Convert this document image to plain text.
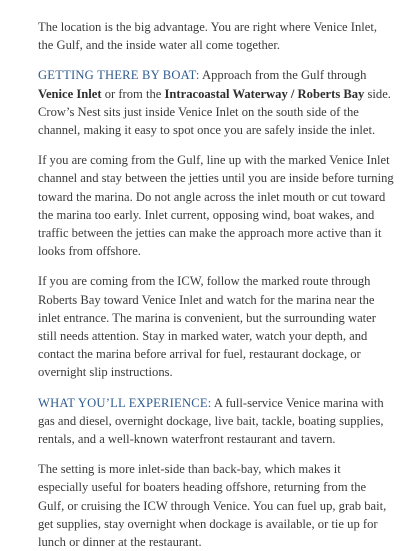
The location is the big advantage. You are right where Venice Inlet, the Gulf, and the inside water all come together.

GETTING THERE BY BOAT: Approach from the Gulf through Venice Inlet or from the Intracoastal Waterway / Roberts Bay side. Crow’s Nest sits just inside Venice Inlet on the south side of the channel, making it easy to spot once you are safely inside the inlet.

If you are coming from the Gulf, line up with the marked Venice Inlet channel and stay between the jetties until you are inside before turning toward the marina. Do not angle across the inlet mouth or cut toward the marina too early. Inlet current, opposing wind, boat wakes, and traffic between the jetties can make the approach more active than it looks from offshore.

If you are coming from the ICW, follow the marked route through Roberts Bay toward Venice Inlet and watch for the marina near the inlet entrance. The marina is convenient, but the surrounding water still needs attention. Stay in marked water, watch your depth, and contact the marina before arrival for fuel, restaurant dockage, or overnight slip instructions.

WHAT YOU’LL EXPERIENCE: A full-service Venice marina with gas and diesel, overnight dockage, live bait, tackle, boating supplies, rentals, and a well-known waterfront restaurant and tavern.

The setting is more inlet-side than back-bay, which makes it especially useful for boaters heading offshore, returning from the Gulf, or cruising the ICW through Venice. You can fuel up, grab bait, get supplies, stay overnight when dockage is available, or tie up for lunch or dinner at the restaurant.
